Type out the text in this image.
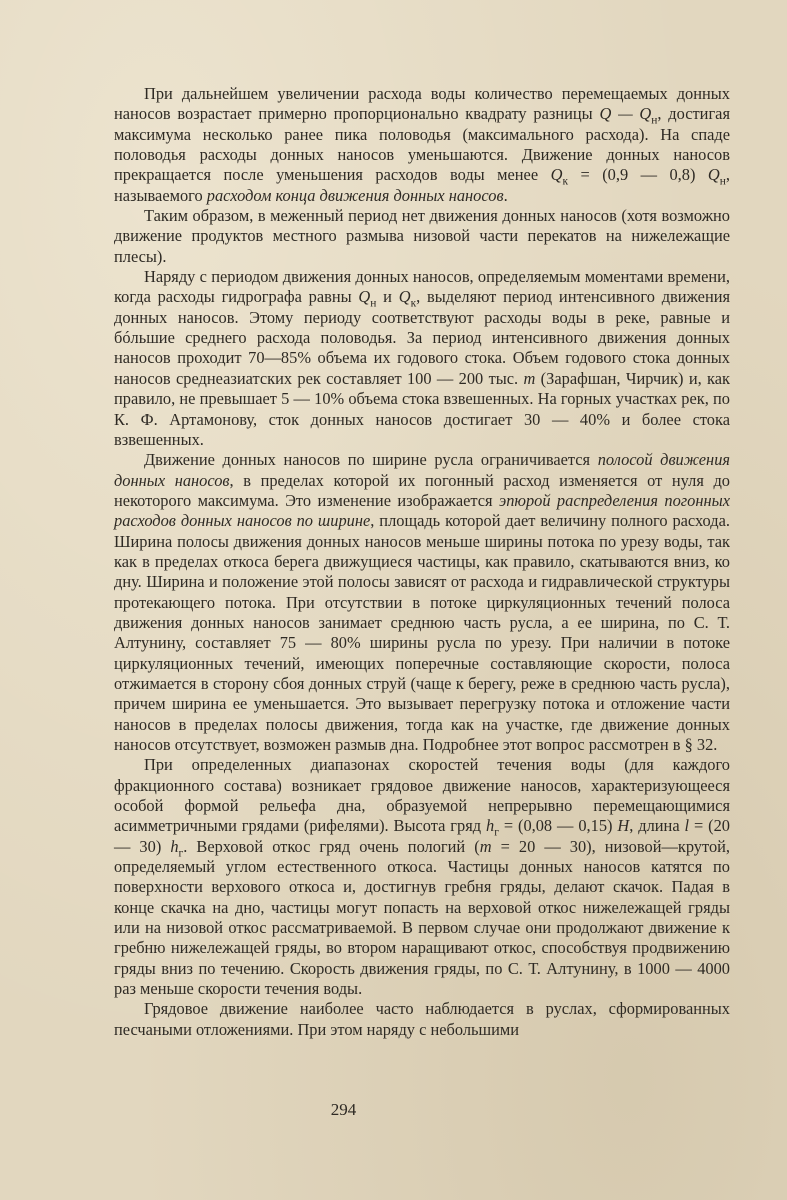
При дальнейшем увеличении расхода воды количество перемещаемых донных наносов возрастает примерно пропорционально квадрату разницы Q — $Q_н$, достигая максимума несколько ранее пика половодья (максимального расхода). На спаде половодья расходы донных наносов уменьшаются. Движение донных наносов прекращается после уменьшения расходов воды менее $Q_к = (0,9$ — 0,8) $Q_н$, называемого расходом конца движения донных наносов.

Таким образом, в меженный период нет движения донных наносов (хотя возможно движение продуктов местного размыва низовой части перекатов на нижележащие плесы).

Наряду с периодом движения донных наносов, определяемым моментами времени, когда расходы гидрографа равны $Q_н$ и $Q_к$, выделяют период интенсивного движения донных наносов. Этому периоду соответствуют расходы воды в реке, равные и бóльшие среднего расхода половодья. За период интенсивного движения донных наносов проходит 70—85% объема их годового стока. Объем годового стока донных наносов среднеазиатских рек составляет 100 — 200 тыс. т (Зарафшан, Чирчик) и, как правило, не превышает 5 — 10% объема стока взвешенных. На горных участках рек, по К. Ф. Артамонову, сток донных наносов достигает 30 — 40% и более стока взвешенных.

Движение донных наносов по ширине русла ограничивается полосой движения донных наносов, в пределах которой их погонный расход изменяется от нуля до некоторого максимума. Это изменение изображается эпюрой распределения погонных расходов донных наносов по ширине, площадь которой дает величину полного расхода. Ширина полосы движения донных наносов меньше ширины потока по урезу воды, так как в пределах откоса берега движущиеся частицы, как правило, скатываются вниз, ко дну. Ширина и положение этой полосы зависят от расхода и гидравлической структуры протекающего потока. При отсутствии в потоке циркуляционных течений полоса движения донных наносов занимает среднюю часть русла, а ее ширина, по С. Т. Алтунину, составляет 75 — 80% ширины русла по урезу. При наличии в потоке циркуляционных течений, имеющих поперечные составляющие скорости, полоса отжимается в сторону сбоя донных струй (чаще к берегу, реже в среднюю часть русла), причем ширина ее уменьшается. Это вызывает перегрузку потока и отложение части наносов в пределах полосы движения, тогда как на участке, где движение донных наносов отсутствует, возможен размыв дна. Подробнее этот вопрос рассмотрен в § 32.

При определенных диапазонах скоростей течения воды (для каждого фракционного состава) возникает грядовое движение наносов, характеризующееся особой формой рельефа дна, образуемой непрерывно перемещающимися асимметричными грядами (рифелями). Высота гряд $h_г = (0,08$ — 0,15) H, длина l = (20 — 30) $h_г$. Верховой откос гряд очень пологий (m = 20 — 30), низовой—крутой, определяемый углом естественного откоса. Частицы донных наносов катятся по поверхности верхового откоса и, достигнув гребня гряды, делают скачок. Падая в конце скачка на дно, частицы могут попасть на верховой откос нижележащей гряды или на низовой откос рассматриваемой. В первом случае они продолжают движение к гребню нижележащей гряды, во втором наращивают откос, способствуя продвижению гряды вниз по течению. Скорость движения гряды, по С. Т. Алтунину, в 1000 — 4000 раз меньше скорости течения воды.

Грядовое движение наиболее часто наблюдается в руслах, сформированных песчаными отложениями. При этом наряду с небольшими

294
